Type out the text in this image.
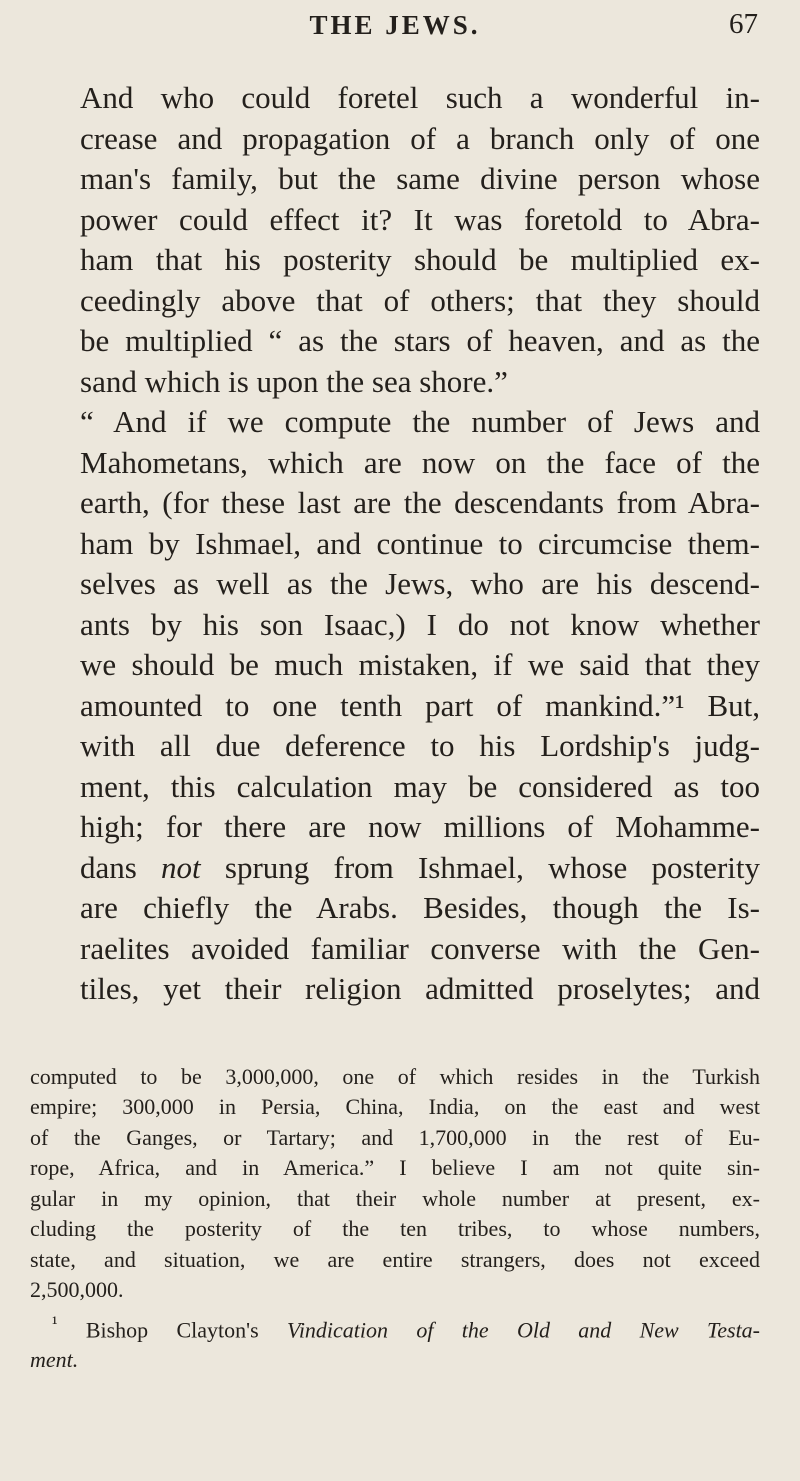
THE JEWS.	67

And who could foretel such a wonderful in-
crease and propagation of a branch only of one
man's family, but the same divine person whose
power could effect it? It was foretold to Abra-
ham that his posterity should be multiplied ex-
ceedingly above that of others; that they should
be multiplied “ as the stars of heaven, and as the
sand which is upon the sea shore.”

“ And if we compute the number of Jews and
Mahometans, which are now on the face of the
earth, (for these last are the descendants from Abra-
ham by Ishmael, and continue to circumcise them-
selves as well as the Jews, who are his descend-
ants by his son Isaac,) I do not know whether
we should be much mistaken, if we said that they
amounted to one tenth part of mankind.”¹ But,
with all due deference to his Lordship's judg-
ment, this calculation may be considered as too
high; for there are now millions of Mohamme-
dans not sprung from Ishmael, whose posterity
are chiefly the Arabs. Besides, though the Is-
raelites avoided familiar converse with the Gen-
tiles, yet their religion admitted proselytes; and

computed to be 3,000,000, one of which resides in the Turkish
empire; 300,000 in Persia, China, India, on the east and west
of the Ganges, or Tartary; and 1,700,000 in the rest of Eu-
rope, Africa, and in America.” I believe I am not quite sin-
gular in my opinion, that their whole number at present, ex-
cluding the posterity of the ten tribes, to whose numbers,
state, and situation, we are entire strangers, does not exceed
2,500,000.
$^{^1}$ Bishop Clayton's Vindication of the Old and New Testa-
ment.
